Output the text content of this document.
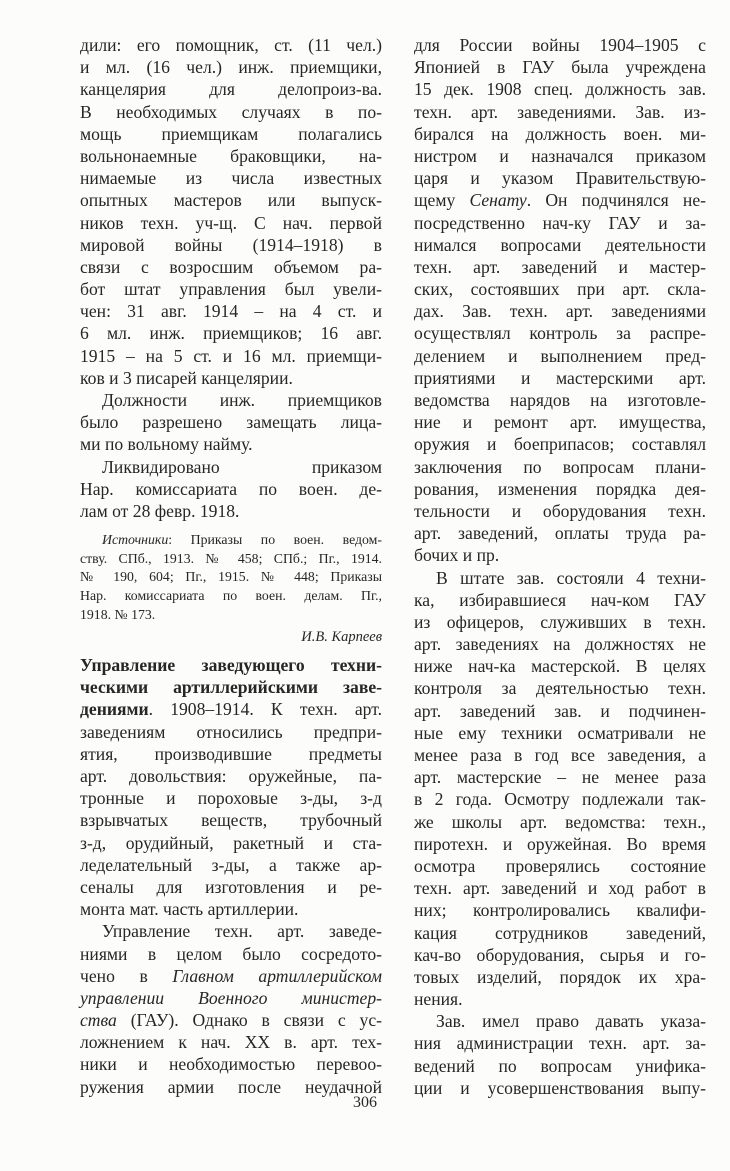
дили: его помощник, ст. (11 чел.)
и мл. (16 чел.) инж. приемщики,
канцелярия для делопроиз-ва.
В необходимых случаях в по-
мощь приемщикам полагались
вольнонаемные браковщики, на-
нимаемые из числа известных
опытных мастеров или выпуск-
ников техн. уч-щ. С нач. первой
мировой войны (1914–1918) в
связи с возросшим объемом ра-
бот штат управления был увели-
чен: 31 авг. 1914 – на 4 ст. и
6 мл. инж. приемщиков; 16 авг.
1915 – на 5 ст. и 16 мл. приемщи-
ков и 3 писарей канцелярии.
Должности инж. приемщиков
было разрешено замещать лица-
ми по вольному найму.
Ликвидировано приказом
Нар. комиссариата по воен. де-
лам от 28 февр. 1918.
Источники: Приказы по воен. ведом-
ству. СПб., 1913. № 458; СПб.; Пг., 1914.
№ 190, 604; Пг., 1915. № 448; Приказы
Нар. комиссариата по воен. делам. Пг.,
1918. № 173.
И.В. Карпеев
Управление заведующего техни-
ческими артиллерийскими заве-
дениями. 1908–1914. К техн. арт.
заведениям относились предпри-
ятия, производившие предметы
арт. довольствия: оружейные, па-
тронные и пороховые з-ды, з-д
взрывчатых веществ, трубочный
з-д, орудийный, ракетный и ста-
леделательный з-ды, а также ар-
сеналы для изготовления и ре-
монта мат. часть артиллерии.
Управление техн. арт. заведе-
ниями в целом было сосредото-
чено в Главном артиллерийском
управлении Военного министер-
ства (ГАУ). Однако в связи с ус-
ложнением к нач. XX в. арт. тех-
ники и необходимостью перевоо-
ружения армии после неудачной
для России войны 1904–1905 с
Японией в ГАУ была учреждена
15 дек. 1908 спец. должность зав.
техн. арт. заведениями. Зав. из-
бирался на должность воен. ми-
нистром и назначался приказом
царя и указом Правительствую-
щему Сенату. Он подчинялся не-
посредственно нач-ку ГАУ и за-
нимался вопросами деятельности
техн. арт. заведений и мастер-
ских, состоявших при арт. скла-
дах. Зав. техн. арт. заведениями
осуществлял контроль за распре-
делением и выполнением пред-
приятиями и мастерскими арт.
ведомства нарядов на изготовле-
ние и ремонт арт. имущества,
оружия и боеприпасов; составлял
заключения по вопросам плани-
рования, изменения порядка дея-
тельности и оборудования техн.
арт. заведений, оплаты труда ра-
бочих и пр.
В штате зав. состояли 4 техни-
ка, избиравшиеся нач-ком ГАУ
из офицеров, служивших в техн.
арт. заведениях на должностях не
ниже нач-ка мастерской. В целях
контроля за деятельностью техн.
арт. заведений зав. и подчинен-
ные ему техники осматривали не
менее раза в год все заведения, а
арт. мастерские – не менее раза
в 2 года. Осмотру подлежали так-
же школы арт. ведомства: техн.,
пиротехн. и оружейная. Во время
осмотра проверялись состояние
техн. арт. заведений и ход работ в
них; контролировались квалифи-
кация сотрудников заведений,
кач-во оборудования, сырья и го-
товых изделий, порядок их хра-
нения.
Зав. имел право давать указа-
ния администрации техн. арт. за-
ведений по вопросам унифика-
ции и усовершенствования выпу-
306
